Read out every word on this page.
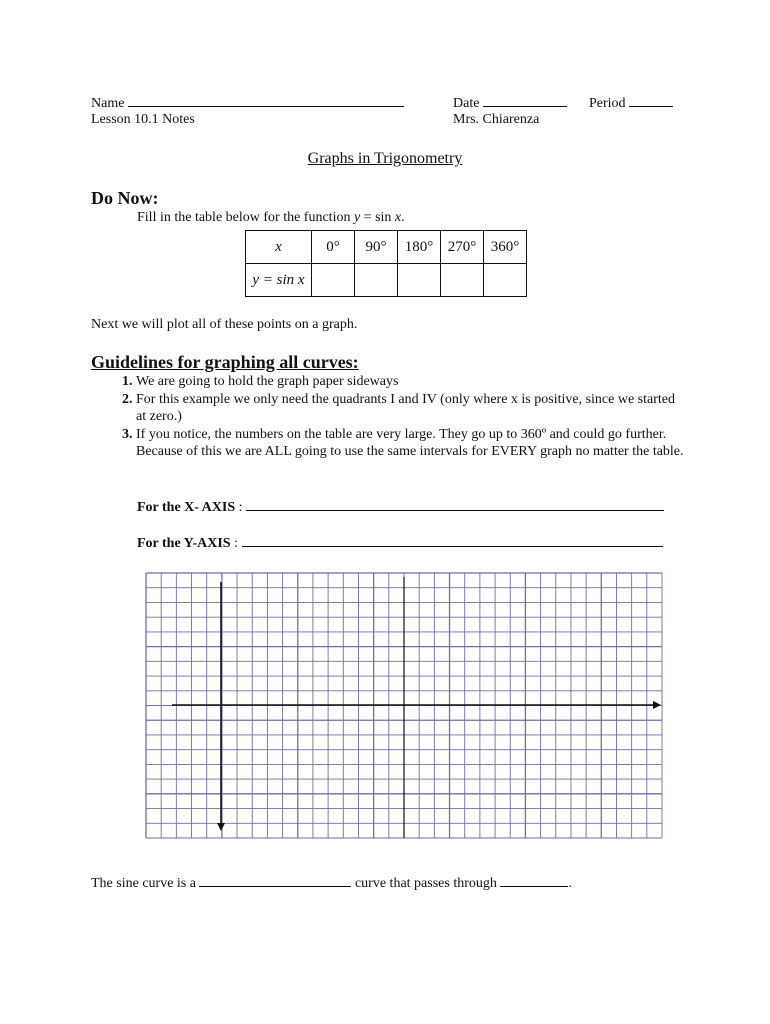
Name	Date	Period
Lesson 10.1 Notes	Mrs. Chiarenza
Graphs in Trigonometry
Do Now:
Fill in the table below for the function y = sin x.
x	0°	90°	180°	270°	360°
y = sin x					
Next we will plot all of these points on a graph.
Guidelines for graphing all curves:
1. We are going to hold the graph paper sideways
2. For this example we only need the quadrants I and IV (only where x is positive, since we started at zero.)
3. If you notice, the numbers on the table are very large. They go up to 360º and could go further. Because of this we are ALL going to use the same intervals for EVERY graph no matter the table.
For the X- AXIS :
For the Y-AXIS :
The sine curve is a	curve that passes through	.
